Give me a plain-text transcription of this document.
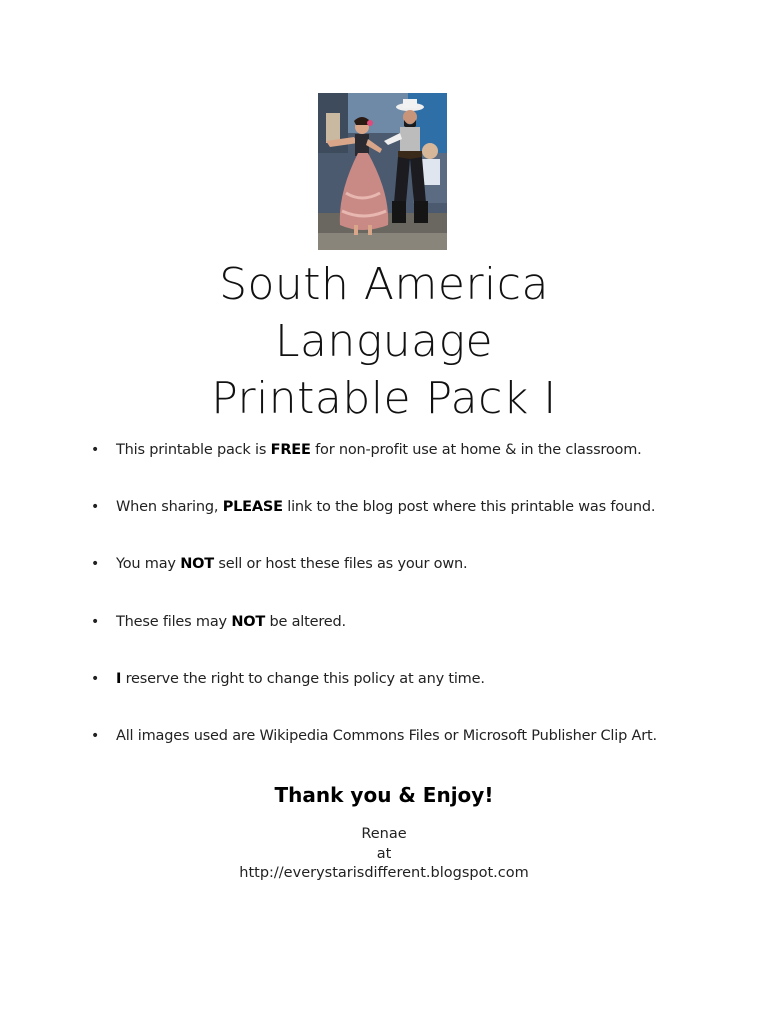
South America
Language
Printable Pack I
• This printable pack is FREE for non-profit use at home & in the classroom.
• When sharing, PLEASE link to the blog post where this printable was found.
• You may NOT sell or host these files as your own.
• These files may NOT be altered.
• I reserve the right to change this policy at any time.
• All images used are Wikipedia Commons Files or Microsoft Publisher Clip Art.
Thank you & Enjoy!
Renae
at
http://everystarisdifferent.blogspot.com
